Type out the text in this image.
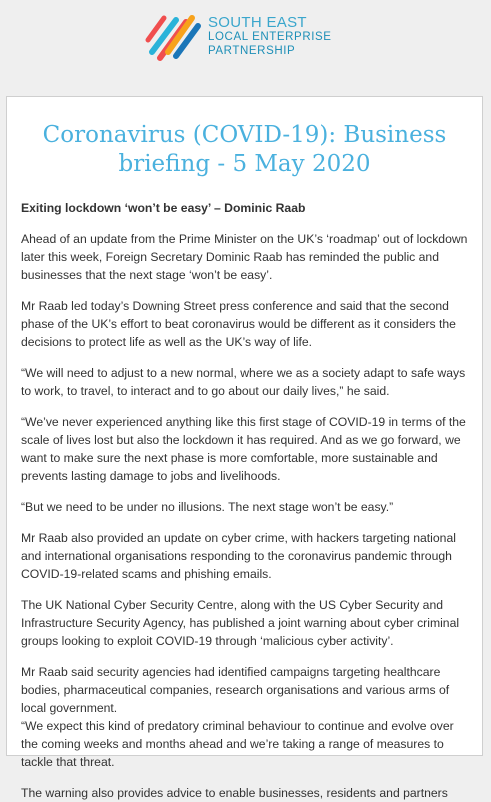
SOUTH EAST
LOCAL ENTERPRISE
PARTNERSHIP
Coronavirus (COVID-19): Business briefing - 5 May 2020

Exiting lockdown ‘won’t be easy’ – Dominic Raab

Ahead of an update from the Prime Minister on the UK’s ‘roadmap’ out of lockdown later this week, Foreign Secretary Dominic Raab has reminded the public and businesses that the next stage ‘won’t be easy’.

Mr Raab led today’s Downing Street press conference and said that the second phase of the UK’s effort to beat coronavirus would be different as it considers the decisions to protect life as well as the UK’s way of life.

“We will need to adjust to a new normal, where we as a society adapt to safe ways to work, to travel, to interact and to go about our daily lives,” he said.

“We’ve never experienced anything like this first stage of COVID-19 in terms of the scale of lives lost but also the lockdown it has required. And as we go forward, we want to make sure the next phase is more comfortable, more sustainable and prevents lasting damage to jobs and livelihoods.

“But we need to be under no illusions. The next stage won’t be easy.”

Mr Raab also provided an update on cyber crime, with hackers targeting national and international organisations responding to the coronavirus pandemic through COVID-19-related scams and phishing emails.

The UK National Cyber Security Centre, along with the US Cyber Security and Infrastructure Security Agency, has published a joint warning about cyber criminal groups looking to exploit COVID-19 through ‘malicious cyber activity’.

Mr Raab said security agencies had identified campaigns targeting healthcare bodies, pharmaceutical companies, research organisations and various arms of local government.

“We expect this kind of predatory criminal behaviour to continue and evolve over the coming weeks and months ahead and we’re taking a range of measures to tackle that threat.

The warning also provides advice to enable businesses, residents and partners
